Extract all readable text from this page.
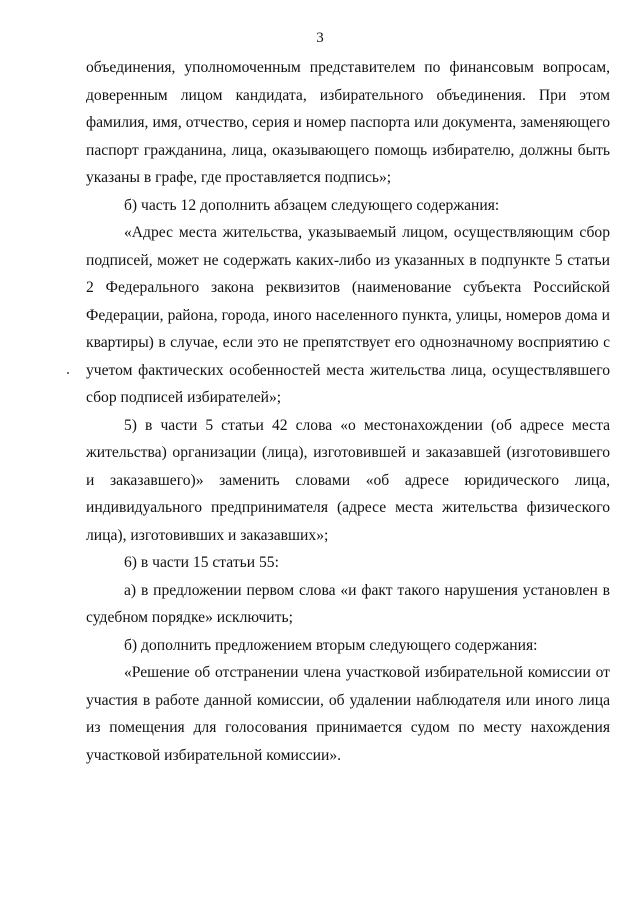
3

объединения, уполномоченным представителем по финансовым вопросам, доверенным лицом кандидата, избирательного объединения. При этом фамилия, имя, отчество, серия и номер паспорта или документа, заменяющего паспорт гражданина, лица, оказывающего помощь избирателю, должны быть указаны в графе, где проставляется подпись»;

б) часть 12 дополнить абзацем следующего содержания:

«Адрес места жительства, указываемый лицом, осуществляющим сбор подписей, может не содержать каких-либо из указанных в подпункте 5 статьи 2 Федерального закона реквизитов (наименование субъекта Российской Федерации, района, города, иного населенного пункта, улицы, номеров дома и квартиры) в случае, если это не препятствует его однозначному восприятию с учетом фактических особенностей места жительства лица, осуществлявшего сбор подписей избирателей»;

5) в части 5 статьи 42 слова «о местонахождении (об адресе места жительства) организации (лица), изготовившей и заказавшей (изготовившего и заказавшего)» заменить словами «об адресе юридического лица, индивидуального предпринимателя (адресе места жительства физического лица), изготовивших и заказавших»;

6) в части 15 статьи 55:

а) в предложении первом слова «и факт такого нарушения установлен в судебном порядке» исключить;

б) дополнить предложением вторым следующего содержания:

«Решение об отстранении члена участковой избирательной комиссии от участия в работе данной комиссии, об удалении наблюдателя или иного лица из помещения для голосования принимается судом по месту нахождения участковой избирательной комиссии».
